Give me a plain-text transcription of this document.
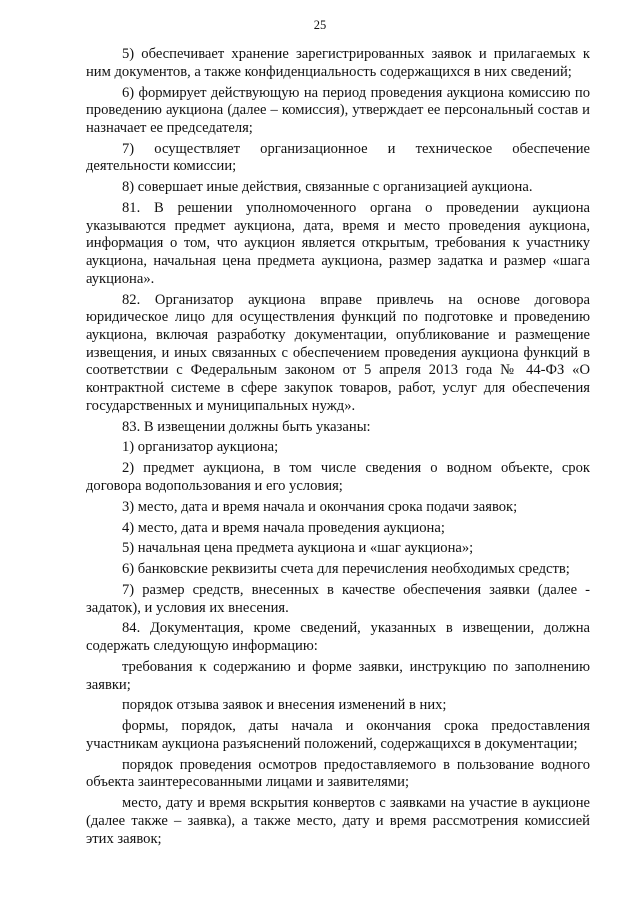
25

5) обеспечивает хранение зарегистрированных заявок и прилагаемых к ним документов, а также конфиденциальность содержащихся в них сведений;

6) формирует действующую на период проведения аукциона комиссию по проведению аукциона (далее – комиссия), утверждает ее персональный состав и назначает ее председателя;

7) осуществляет организационное и техническое обеспечение деятельности комиссии;

8) совершает иные действия, связанные с организацией аукциона.

81. В решении уполномоченного органа о проведении аукциона указываются предмет аукциона, дата, время и место проведения аукциона, информация о том, что аукцион является открытым, требования к участнику аукциона, начальная цена предмета аукциона, размер задатка и размер «шага аукциона».

82. Организатор аукциона вправе привлечь на основе договора юридическое лицо для осуществления функций по подготовке и проведению аукциона, включая разработку документации, опубликование и размещение извещения, и иных связанных с обеспечением проведения аукциона функций в соответствии с Федеральным законом от 5 апреля 2013 года № 44-ФЗ «О контрактной системе в сфере закупок товаров, работ, услуг для обеспечения государственных и муниципальных нужд».

83. В извещении должны быть указаны:

1) организатор аукциона;

2) предмет аукциона, в том числе сведения о водном объекте, срок договора водопользования и его условия;

3) место, дата и время начала и окончания срока подачи заявок;

4) место, дата и время начала проведения аукциона;

5) начальная цена предмета аукциона и «шаг аукциона»;

6) банковские реквизиты счета для перечисления необходимых средств;

7) размер средств, внесенных в качестве обеспечения заявки (далее - задаток), и условия их внесения.

84. Документация, кроме сведений, указанных в извещении, должна содержать следующую информацию:

требования к содержанию и форме заявки, инструкцию по заполнению заявки;

порядок отзыва заявок и внесения изменений в них;

формы, порядок, даты начала и окончания срока предоставления участникам аукциона разъяснений положений, содержащихся в документации;

порядок проведения осмотров предоставляемого в пользование водного объекта заинтересованными лицами и заявителями;

место, дату и время вскрытия конвертов с заявками на участие в аукционе (далее также – заявка), а также место, дату и время рассмотрения комиссией этих заявок;
